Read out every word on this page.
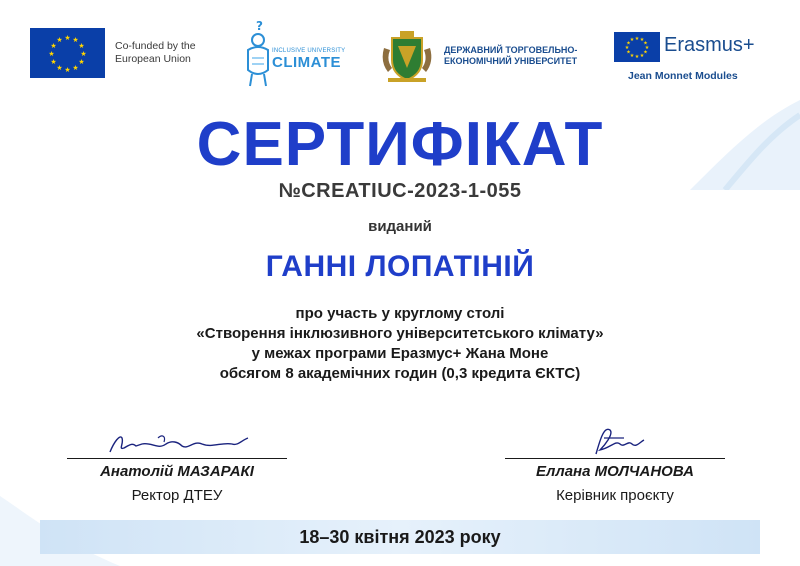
★ ★
★
★
★
★
★
★
★
★
★
★	Co-funded by the
European Union
?
INCLUSIVE UNIVERSITY
CLIMATE
ДЕРЖАВНИЙ ТОРГОВЕЛЬНО-
ЕКОНОМІЧНИЙ УНІВЕРСИТЕТ
★ ★
★
★
★
★
★
★
★
★
★
★ Erasmus+
Jean Monnet Modules
СЕРТИФІКАТ
№CREATIUC-2023-1-055
виданий
ГАННІ ЛОПАТІНІЙ
про участь у круглому столі
«Створення інклюзивного університетського клімату»
у межах програми Еразмус+ Жана Моне
обсягом 8 академічних годин (0,3 кредита ЄКТС)
Анатолій МАЗАРАКІ
Ректор ДТЕУ
Еллана МОЛЧАНОВА
Керівник проєкту
18–30 квітня 2023 року
